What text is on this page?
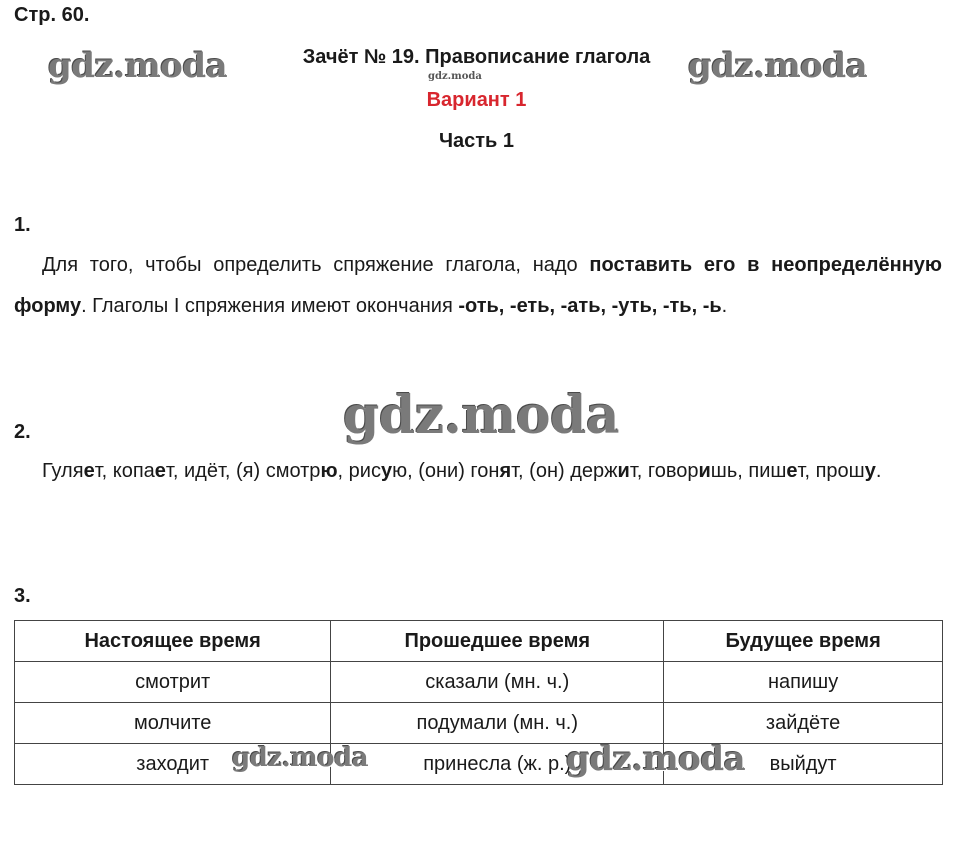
Стр. 60.
gdz.moda	gdz.moda
gdz.moda
Зачёт № 19. Правописание глагола
Вариант 1
Часть 1
1.

Для того, чтобы определить спряжение глагола, надо поставить его в неопределённую форму. Глаголы I спряжения имеют окончания -оть, -еть, -ать, -уть, -ть, -ь.

gdz.moda
2.

Гуляет, копает, идёт, (я) смотрю, рисую, (они) гонят, (он) держит, говоришь, пишет, прошу.

3.
Настоящее время	Прошедшее время	Будущее время
смотрит	сказали (мн. ч.)	напишу
молчите	подумали (мн. ч.)	зайдёте
заходит	принесла (ж. р.)	выйдут
gdz.moda	gdz.moda
